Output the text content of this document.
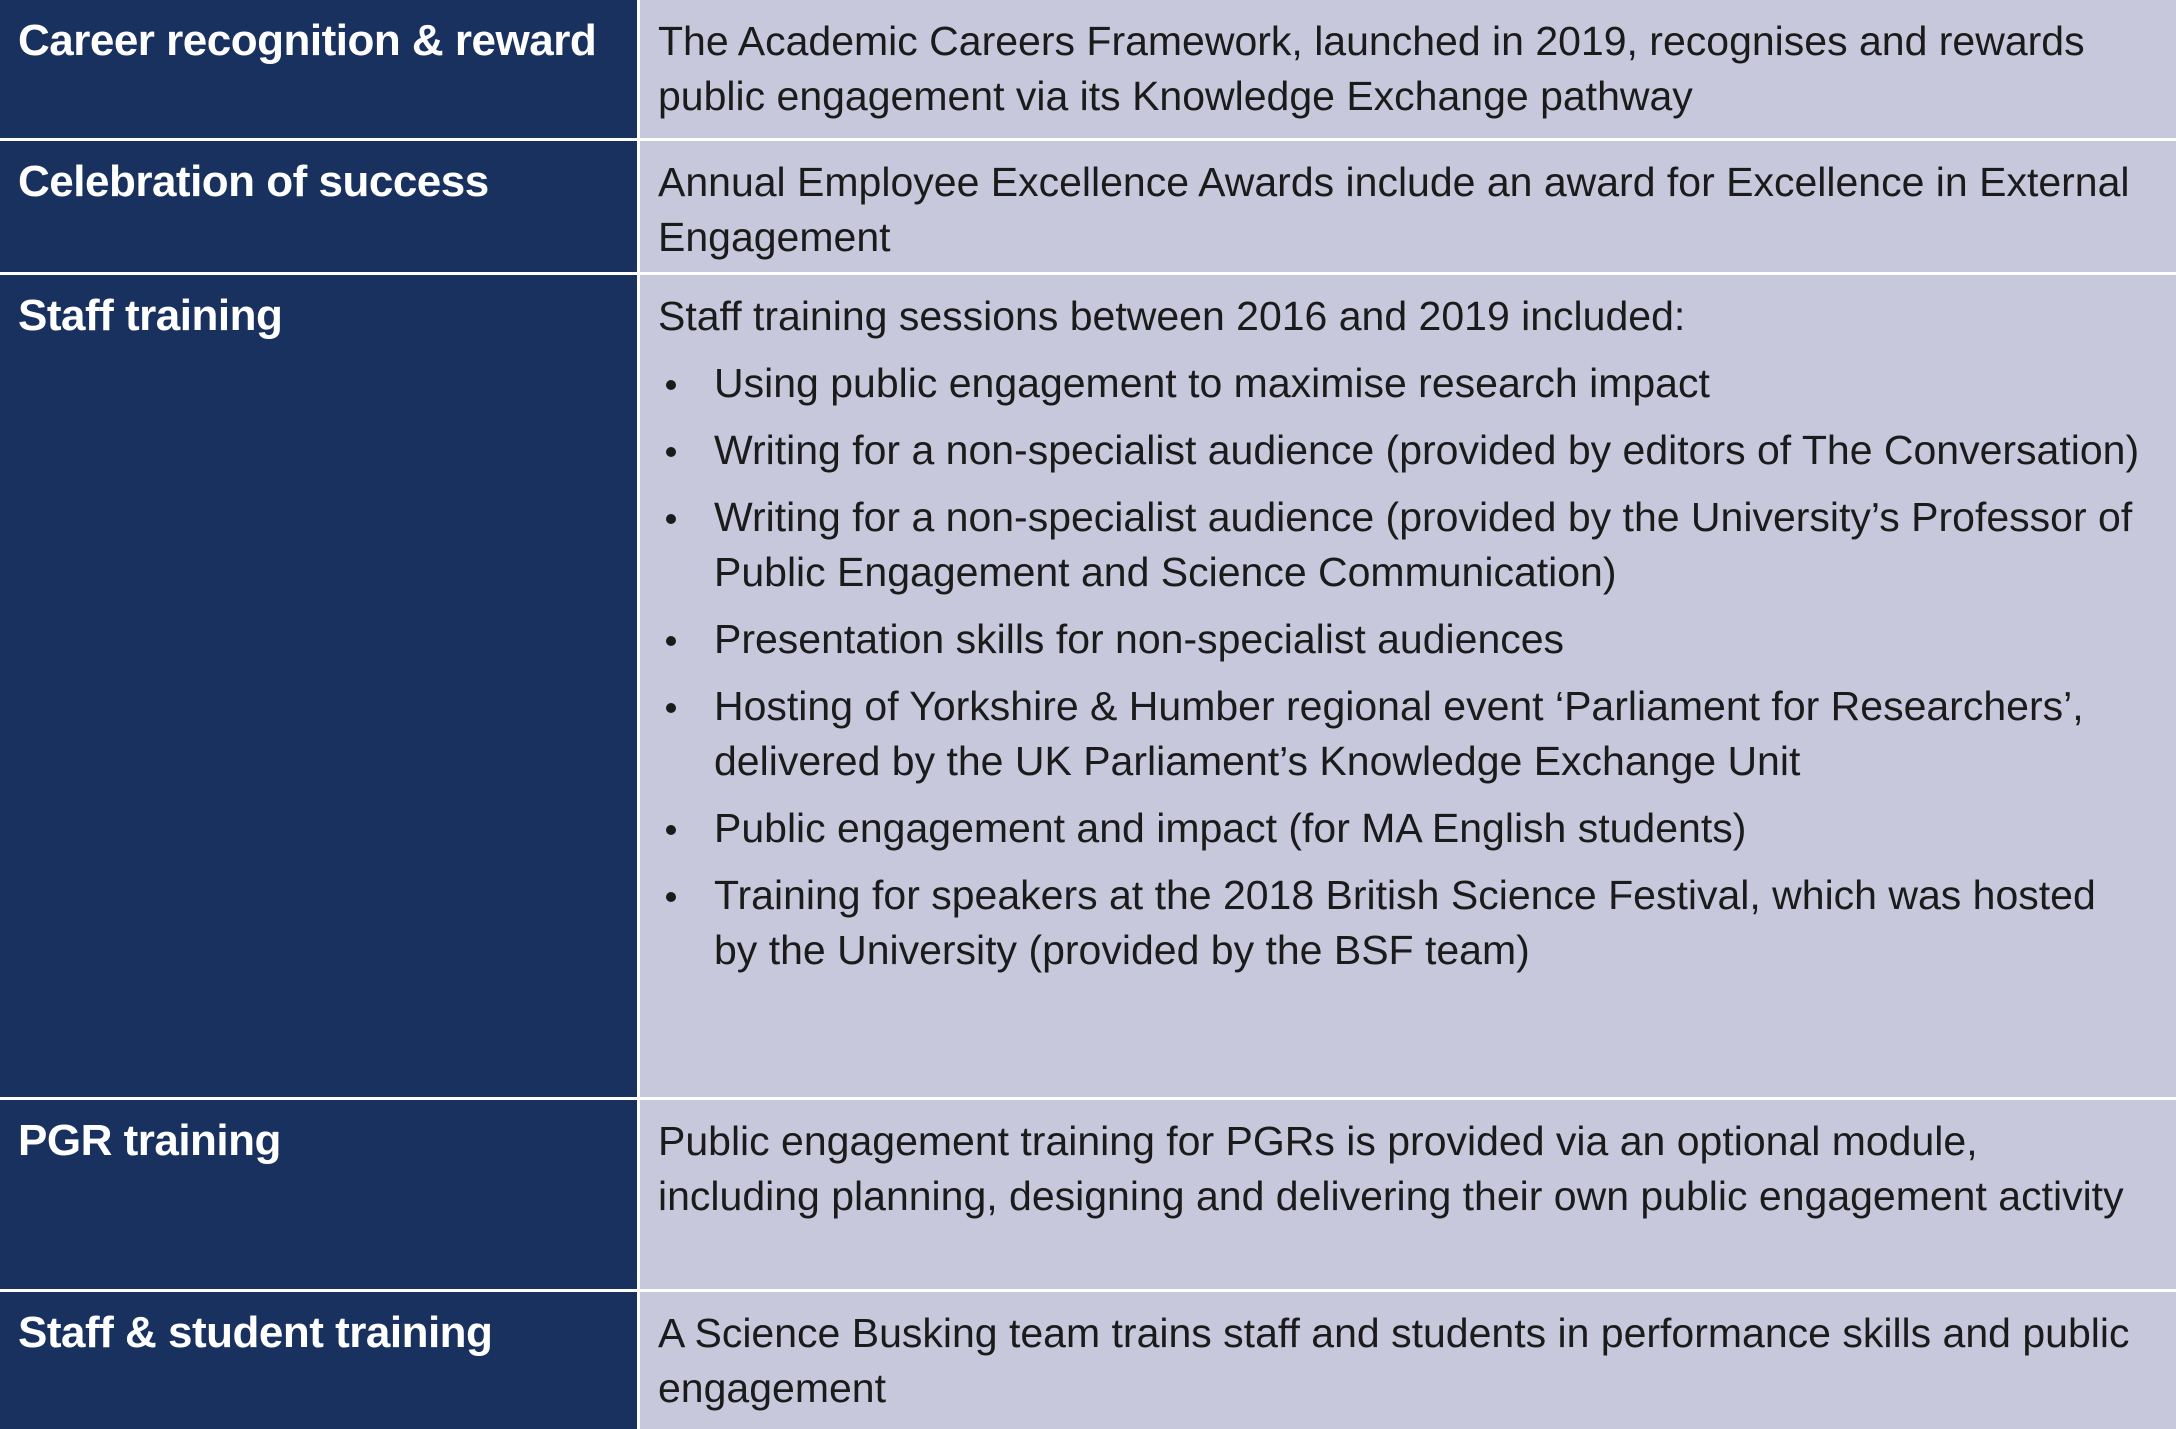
Career recognition & reward	The Academic Careers Framework, launched in 2019, recognises and rewards public engagement via its Knowledge Exchange pathway
Celebration of success	Annual Employee Excellence Awards include an award for Excellence in External Engagement
Staff training	Staff training sessions between 2016 and 2019 included:

Using public engagement to maximise research impact
Writing for a non-specialist audience (provided by editors of The Conversation)
Writing for a non-specialist audience (provided by the University’s Professor of Public Engagement and Science Communication)
Presentation skills for non-specialist audiences
Hosting of Yorkshire & Humber regional event ‘Parliament for Researchers’, delivered by the UK Parliament’s Knowledge Exchange Unit
Public engagement and impact (for MA English students)
Training for speakers at the 2018 British Science Festival, which was hosted by the University (provided by the BSF team)
PGR training	Public engagement training for PGRs is provided via an optional module, including planning, designing and delivering their own public engagement activity
Staff & student training	A Science Busking team trains staff and students in performance skills and public engagement
